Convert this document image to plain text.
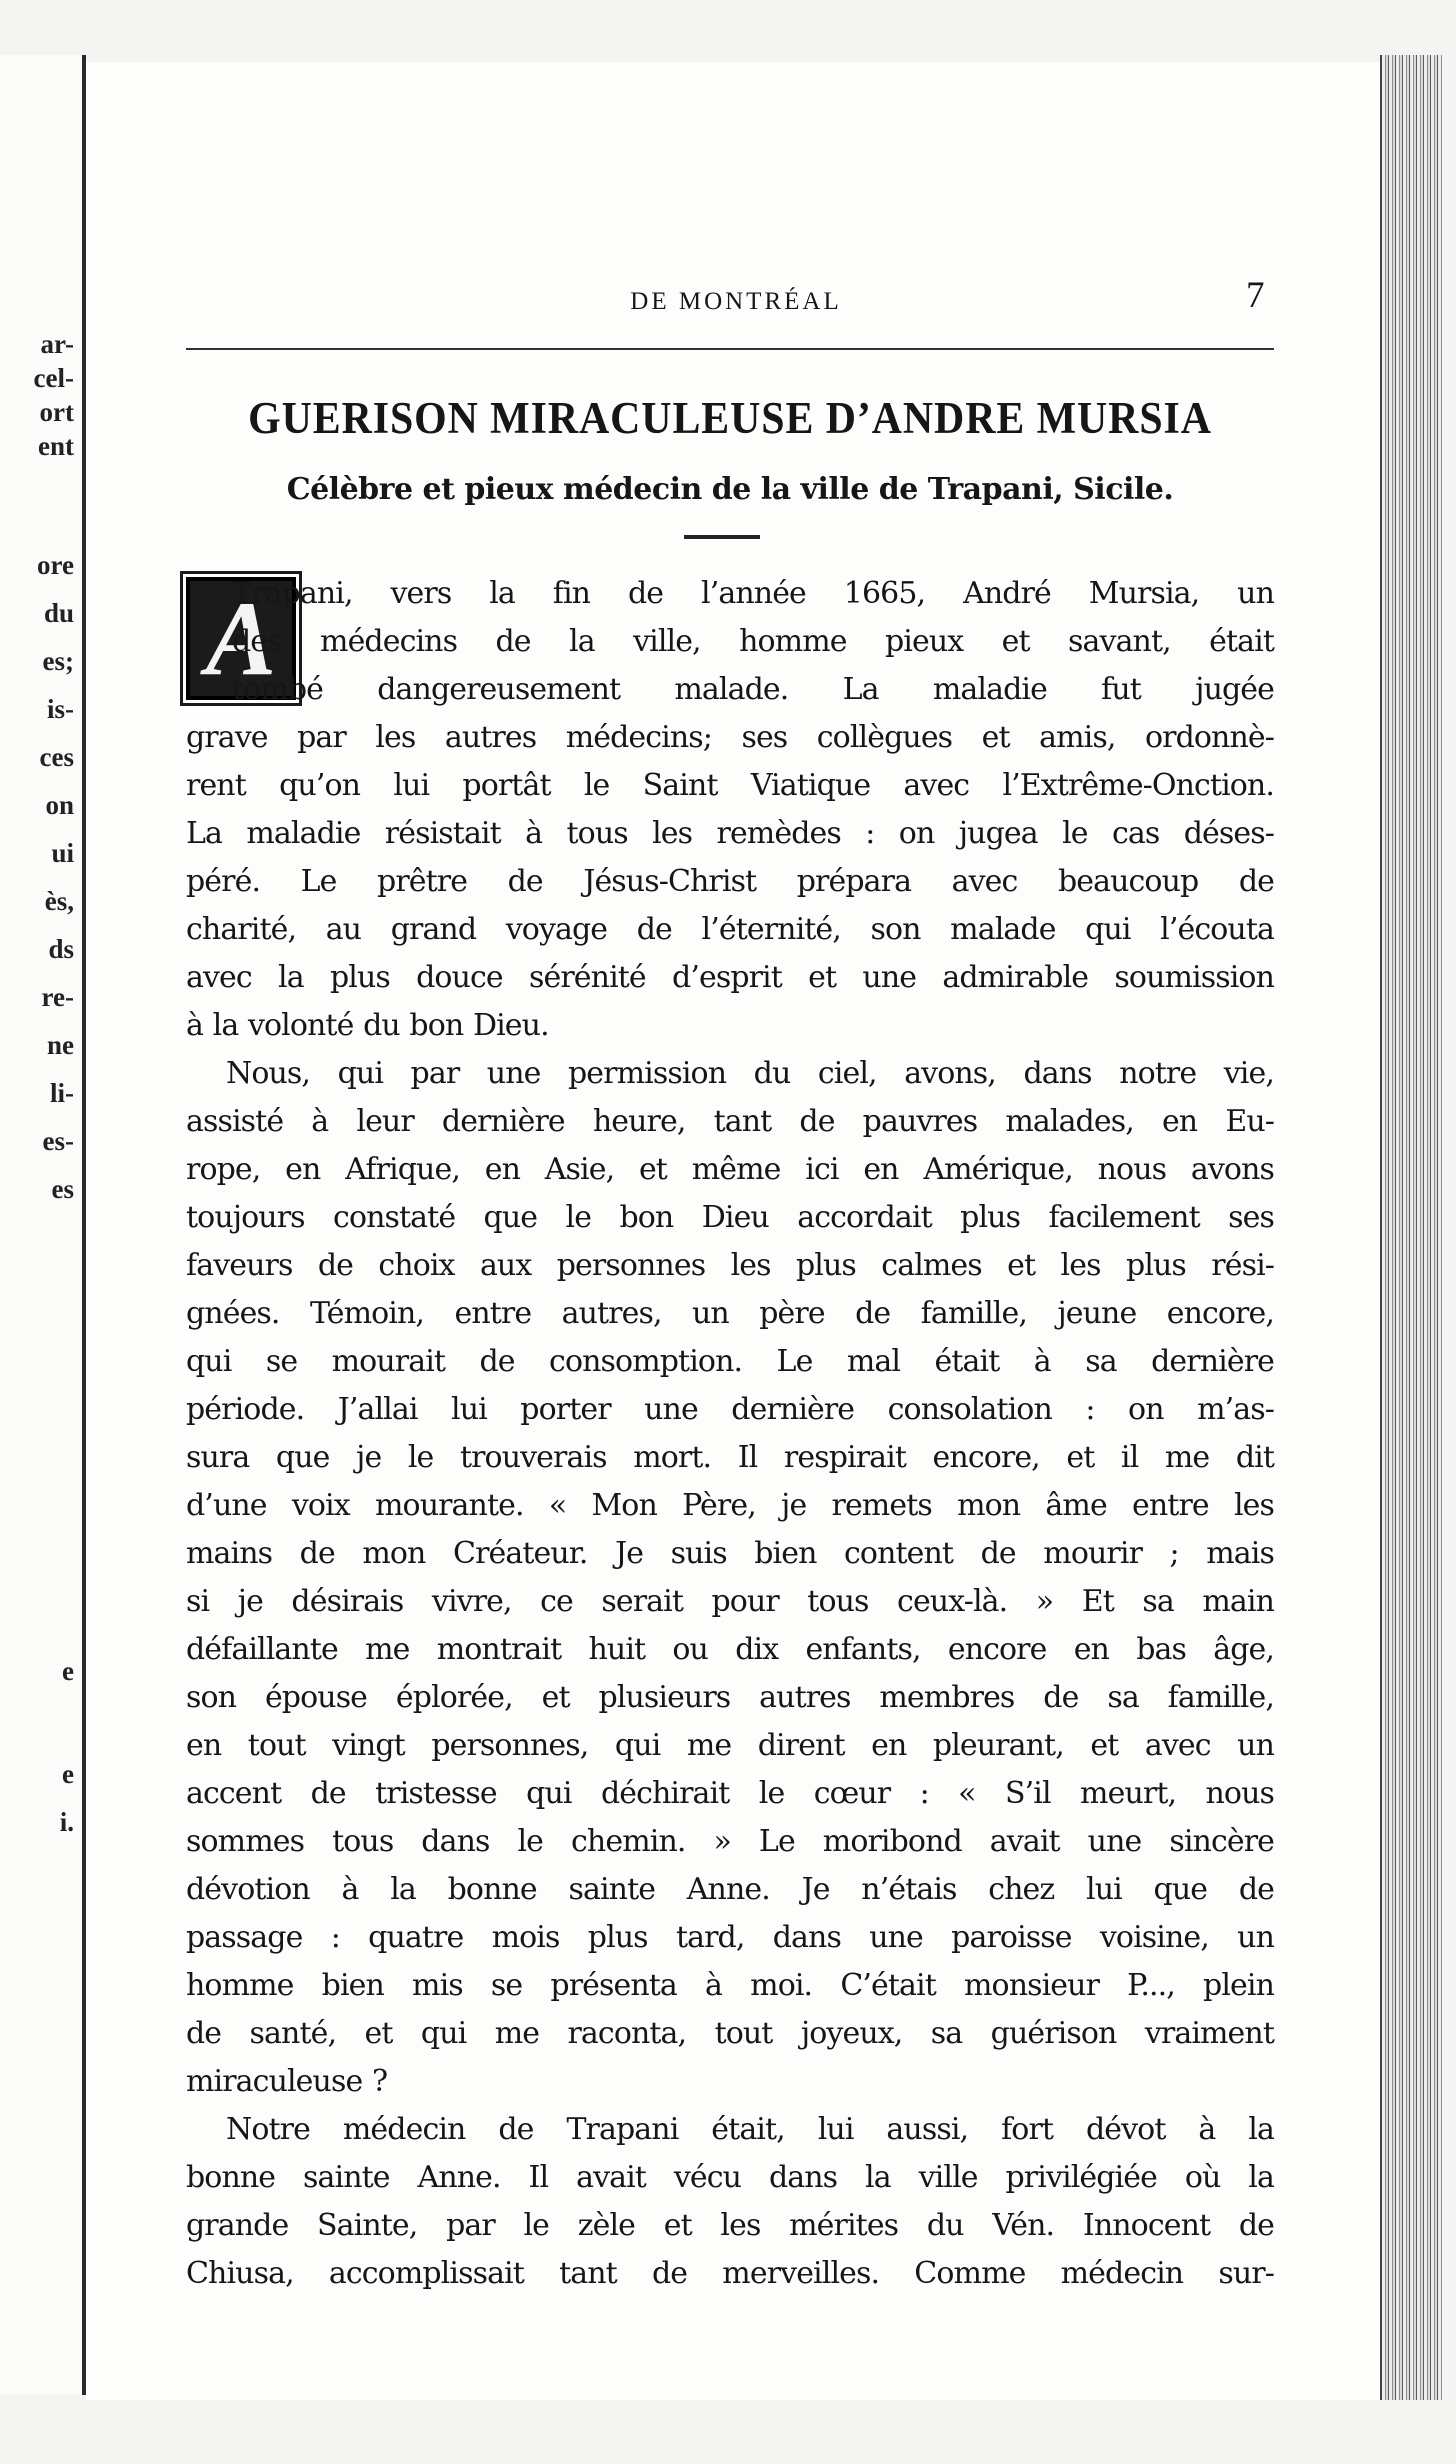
ar-

cel-

ort

ent

ore

du

es;

is-

ces

on

ui

ès,

ds

re-

ne

li-

es-

es

e

e

i.

DE MONTRÉAL	7

GUERISON MIRACULEUSE D’ANDRE MURSIA
Célèbre et pieux médecin de la ville de Trapani, Sicile.
A

Trapani, vers la fin de l’année 1665, André Mursia, un

des médecins de la ville, homme pieux et savant, était

tombé dangereusement malade. La maladie fut jugée

grave par les autres médecins; ses collègues et amis, ordonnè-

rent qu’on lui portât le Saint Viatique avec l’Extrême-Onction.

La maladie résistait à tous les remèdes : on jugea le cas déses-

péré. Le prêtre de Jésus-Christ prépara avec beaucoup de

charité, au grand voyage de l’éternité, son malade qui l’écouta

avec la plus douce sérénité d’esprit et une admirable soumission

à la volonté du bon Dieu.

Nous, qui par une permission du ciel, avons, dans notre vie,

assisté à leur dernière heure, tant de pauvres malades, en Eu-

rope, en Afrique, en Asie, et même ici en Amérique, nous avons

toujours constaté que le bon Dieu accordait plus facilement ses

faveurs de choix aux personnes les plus calmes et les plus rési-

gnées. Témoin, entre autres, un père de famille, jeune encore,

qui se mourait de consomption. Le mal était à sa dernière

période. J’allai lui porter une dernière consolation : on m’as-

sura que je le trouverais mort. Il respirait encore, et il me dit

d’une voix mourante. « Mon Père, je remets mon âme entre les

mains de mon Créateur. Je suis bien content de mourir ; mais

si je désirais vivre, ce serait pour tous ceux-là. » Et sa main

défaillante me montrait huit ou dix enfants, encore en bas âge,

son épouse éplorée, et plusieurs autres membres de sa famille,

en tout vingt personnes, qui me dirent en pleurant, et avec un

accent de tristesse qui déchirait le cœur : « S’il meurt, nous

sommes tous dans le chemin. » Le moribond avait une sincère

dévotion à la bonne sainte Anne. Je n’étais chez lui que de

passage : quatre mois plus tard, dans une paroisse voisine, un

homme bien mis se présenta à moi. C’était monsieur P..., plein

de santé, et qui me raconta, tout joyeux, sa guérison vraiment

miraculeuse ?

Notre médecin de Trapani était, lui aussi, fort dévot à la

bonne sainte Anne. Il avait vécu dans la ville privilégiée où la

grande Sainte, par le zèle et les mérites du Vén. Innocent de

Chiusa, accomplissait tant de merveilles. Comme médecin sur-
